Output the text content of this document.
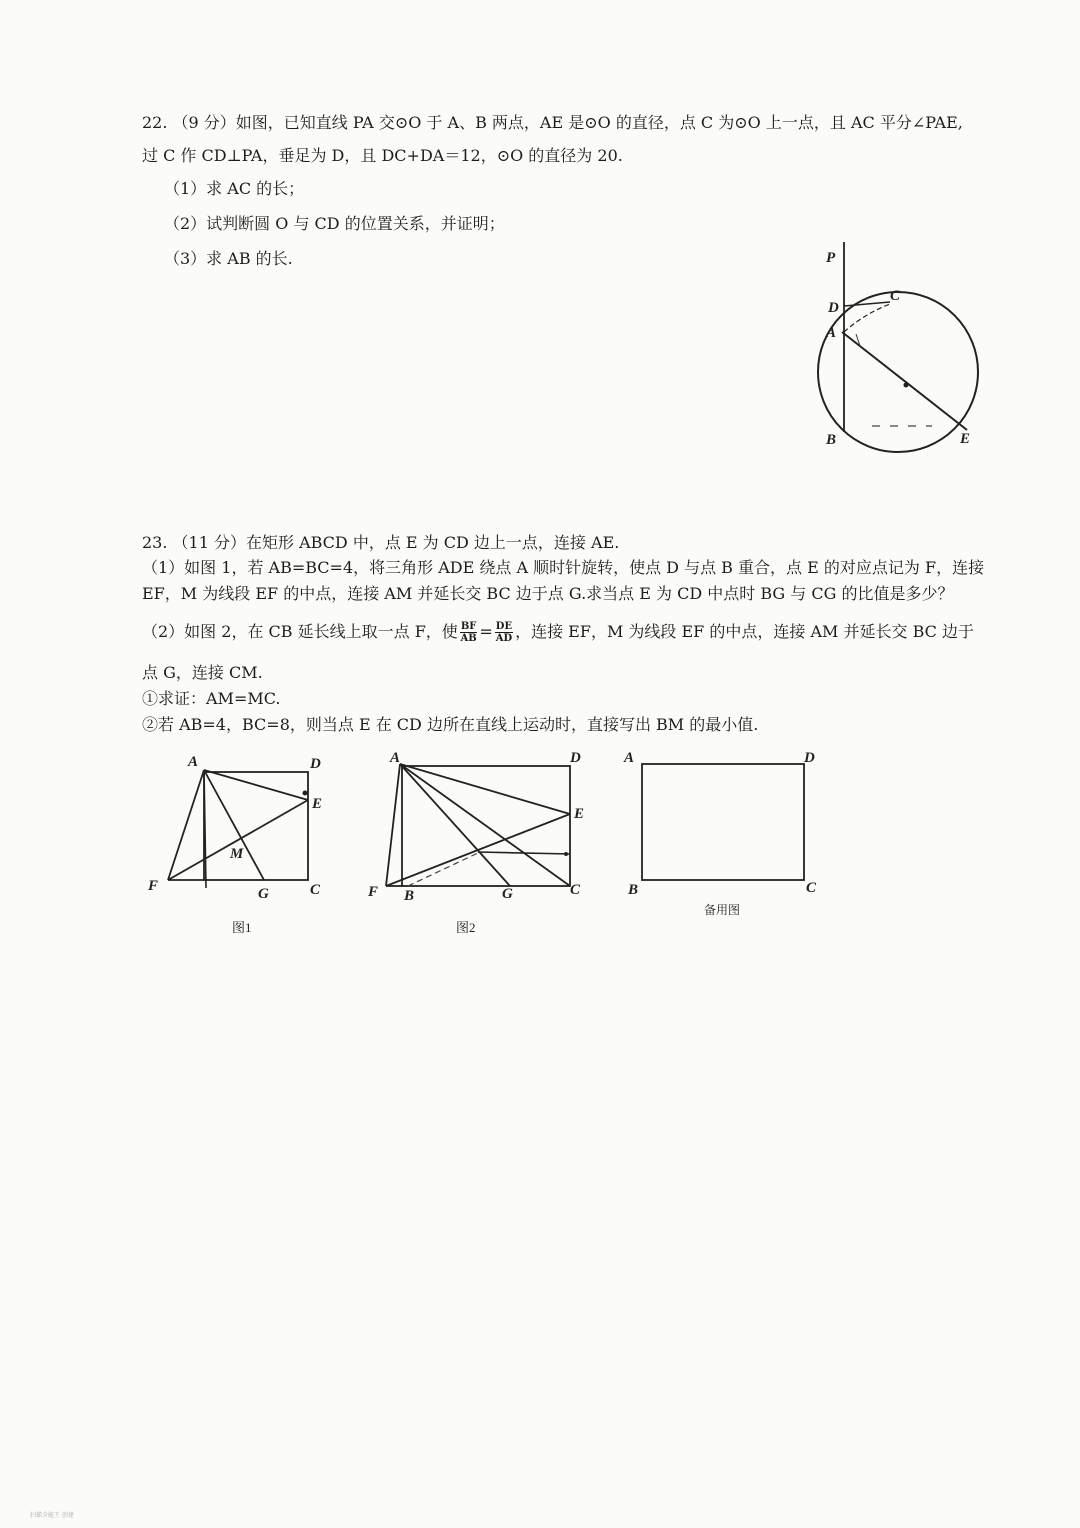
22. （9 分）如图，已知直线 PA 交⊙O 于 A、B 两点，AE 是⊙O 的直径，点 C 为⊙O 上一点，且 AC 平分∠PAE,
过 C 作 CD⊥PA，垂足为 D，且 DC+DA＝12，⊙O 的直径为 20.
（1）求 AC 的长；
（2）试判断圆 O 与 CD 的位置关系，并证明；
（3）求 AB 的长.	P
D
C
A
B	E
23. （11 分）在矩形 ABCD 中，点 E 为 CD 边上一点，连接 AE.
（1）如图 1，若 AB=BC=4，将三角形 ADE 绕点 A 顺时针旋转，使点 D 与点 B 重合，点 E 的对应点记为 F，连接
EF，M 为线段 EF 的中点，连接 AM 并延长交 BC 边于点 G.求当点 E 为 CD 中点时 BG 与 CG 的比值是多少？
（2）如图 2，在 CB 延长线上取一点 F，使 $\frac{BF}{AB} = \frac{DE}{AD}$ ，连接 EF，M 为线段 EF 的中点，连接 AM 并延长交 BC 边于
点 G，连接 CM.
①求证：AM=MC.
②若 AB=4，BC=8，则当点 E 在 CD 边所在直线上运动时，直接写出 BM 的最小值.
A	D
E
M
F	G	C
图1
A	D
E
F B	G	C
图2
A	D
B	C
备用图
扫描全能王 创建
